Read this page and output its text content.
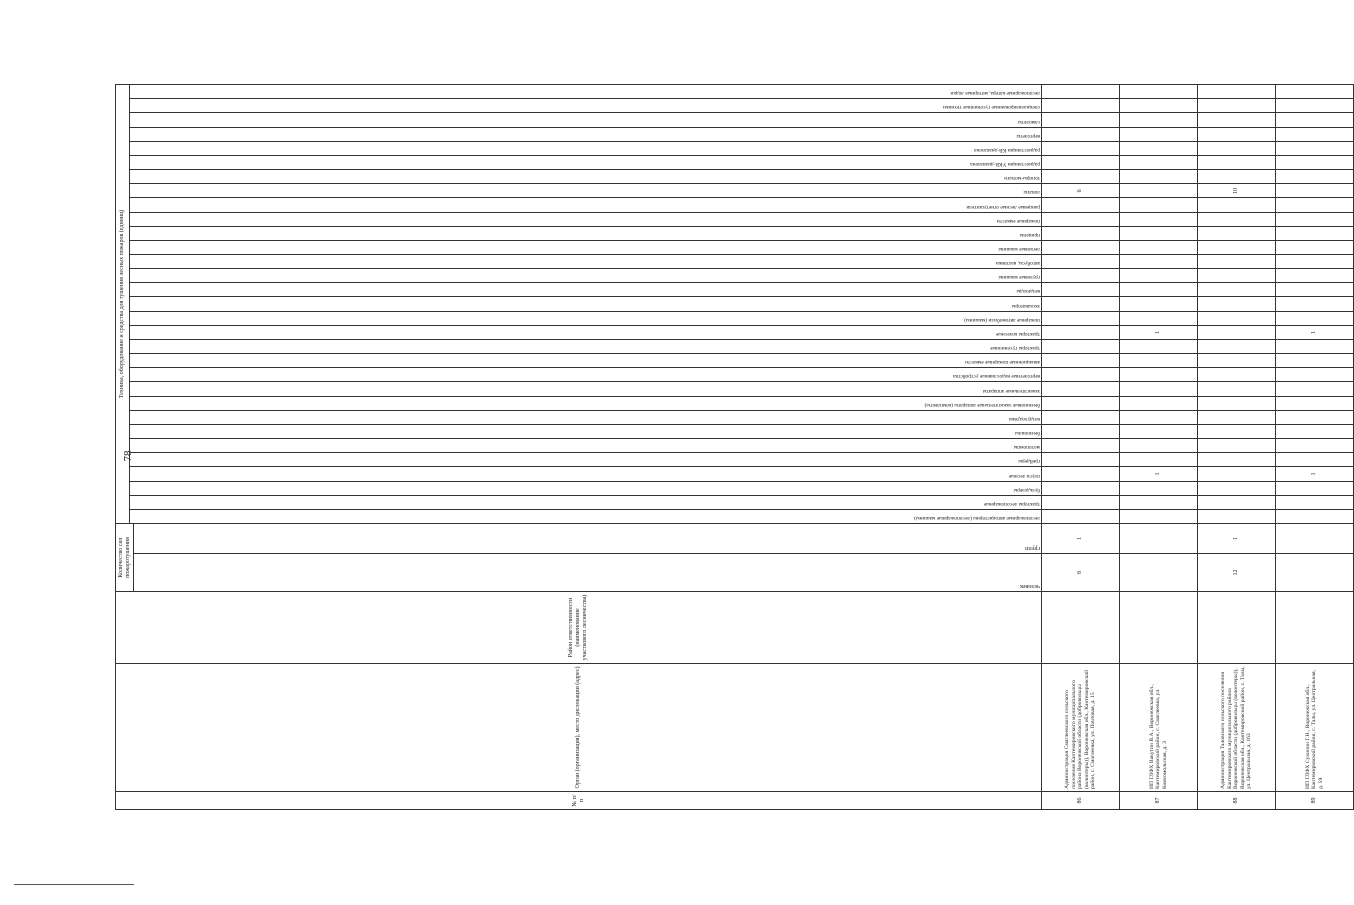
78
№ п/п	Орган (организация), место дислокации (адрес)	Район ответственности (наименование участкового лесничества)	Количество сил пожаротушения		Техника, оборудование и средства для тушения лесных пожаров (единиц)																														

					лесопожарные автоцистерны (лесопожарные машины)	тракторы лесопожарные	бульдозеры	плуги лесные	грейдеры	мотопомпы	бензопилы	воздуходувки	бензиновые зажигательные аппараты (комплекты)	зажигательные аппараты	вертолетные водосливные устройства	авиационные пожарные емкости	тракторы гусеничные	тракторы колесные	пожарные автомобили (машины)	экскаваторы	вездеходы	грузовые машины	автобусы, вахтовки	легковые машины	прицепы	пожарные емкости	ранцевые лесные огнетушители	лопаты	топоры-мотыги	радиостанции УКВ-диапазона	радиостанции КВ-диапазона	вертолеты	самолеты	специализированные гусеничные техники	лесопожарные катера, моторные лодки

			человек	групп																															

86	Администрация Смаглеевского сельского поселения Кантемировского муниципального района Воронежской области (добровольцы (волонтеры)), Воронежская обл., Кантемировский район, с. Смаглеевка, ул. Почтовая, д. 15		8	1																								6							
87	ИП ГЛФХ Вакутин В.А., Воронежская обл., Кантемировский район, с. Смаглеевка, ул. Комсомольская, д. 3							1										1																	
88	Администрация Таловского сельского поселения Кантемировского муниципального района Воронежской области (добровольцы (волонтеры)), Воронежская обл., Кантемировский район, с. Талы, ул. Центральная, д. 163		12	1																								10							
89	ИП ГЛФХ Сухинин Г.Н., Воронежская обл., Кантемировский район, с. Талы, ул. Центральная, д. 59							1										1																	
